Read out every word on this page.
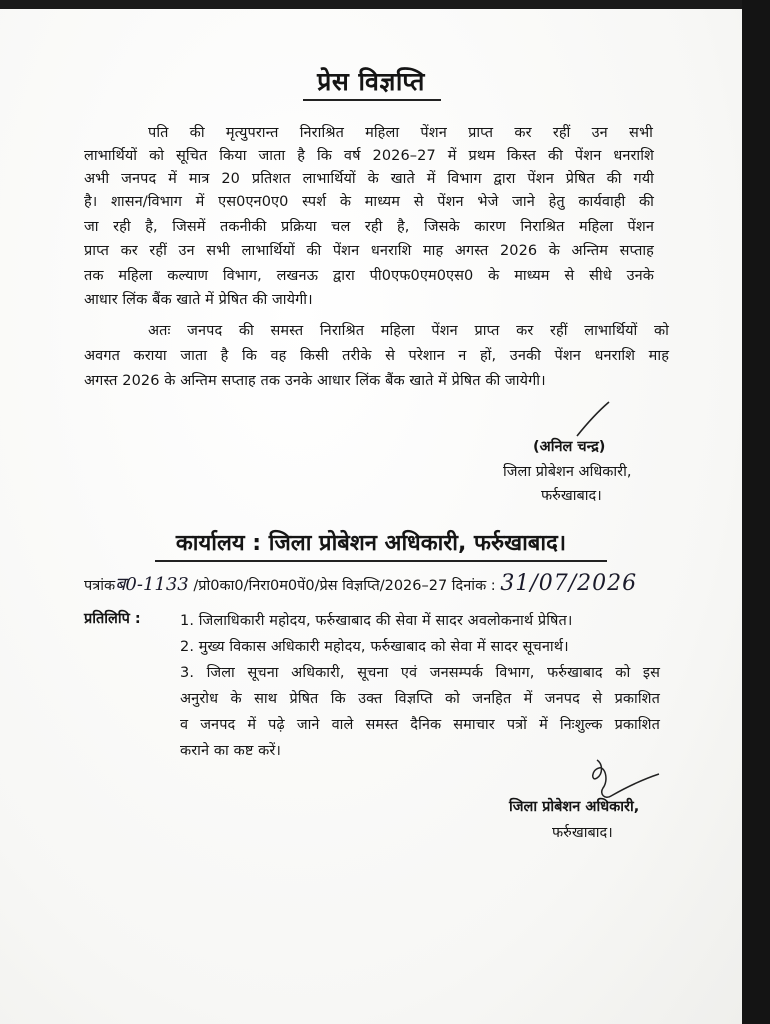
प्रेस विज्ञप्ति
पति की मृत्युपरान्त निराश्रित महिला पेंशन प्राप्त कर रहीं उन सभी
लाभार्थियों को सूचित किया जाता है कि वर्ष 2026–27 में प्रथम किस्त की पेंशन धनराशि
अभी जनपद में मात्र 20 प्रतिशत लाभार्थियों के खाते में विभाग द्वारा पेंशन प्रेषित की गयी
है। शासन/विभाग में एस0एन0ए0 स्पर्श के माध्यम से पेंशन भेजे जाने हेतु कार्यवाही की
जा रही है, जिसमें तकनीकी प्रक्रिया चल रही है, जिसके कारण निराश्रित महिला पेंशन
प्राप्त कर रहीं उन सभी लाभार्थियों की पेंशन धनराशि माह अगस्त 2026 के अन्तिम सप्ताह
तक महिला कल्याण विभाग, लखनऊ द्वारा पी0एफ0एम0एस0 के माध्यम से सीधे उनके
आधार लिंक बैंक खाते में प्रेषित की जायेगी।
अतः जनपद की समस्त निराश्रित महिला पेंशन प्राप्त कर रहीं लाभार्थियों को
अवगत कराया जाता है कि वह किसी तरीके से परेशान न हों, उनकी पेंशन धनराशि माह
अगस्त 2026 के अन्तिम सप्ताह तक उनके आधार लिंक बैंक खाते में प्रेषित की जायेगी।
(अनिल चन्द्र)
जिला प्रोबेशन अधिकारी,
फर्रुखाबाद।
कार्यालय : जिला प्रोबेशन अधिकारी, फर्रुखाबाद।
पत्रांकब0-1133 /प्रो0का0/निरा0म0पें0/प्रेस विज्ञप्ति/2026–27 दिनांक : 31/07/2026
प्रतिलिपि :	1. जिलाधिकारी महोदय, फर्रुखाबाद की सेवा में सादर अवलोकनार्थ प्रेषित।
2. मुख्य विकास अधिकारी महोदय, फर्रुखाबाद को सेवा में सादर सूचनार्थ।
3. जिला सूचना अधिकारी, सूचना एवं जनसम्पर्क विभाग, फर्रुखाबाद को इस
अनुरोध के साथ प्रेषित कि उक्त विज्ञप्ति को जनहित में जनपद से प्रकाशित
व जनपद में पढ़े जाने वाले समस्त दैनिक समाचार पत्रों में निःशुल्क प्रकाशित
कराने का कष्ट करें।
जिला प्रोबेशन अधिकारी,
फर्रुखाबाद।
